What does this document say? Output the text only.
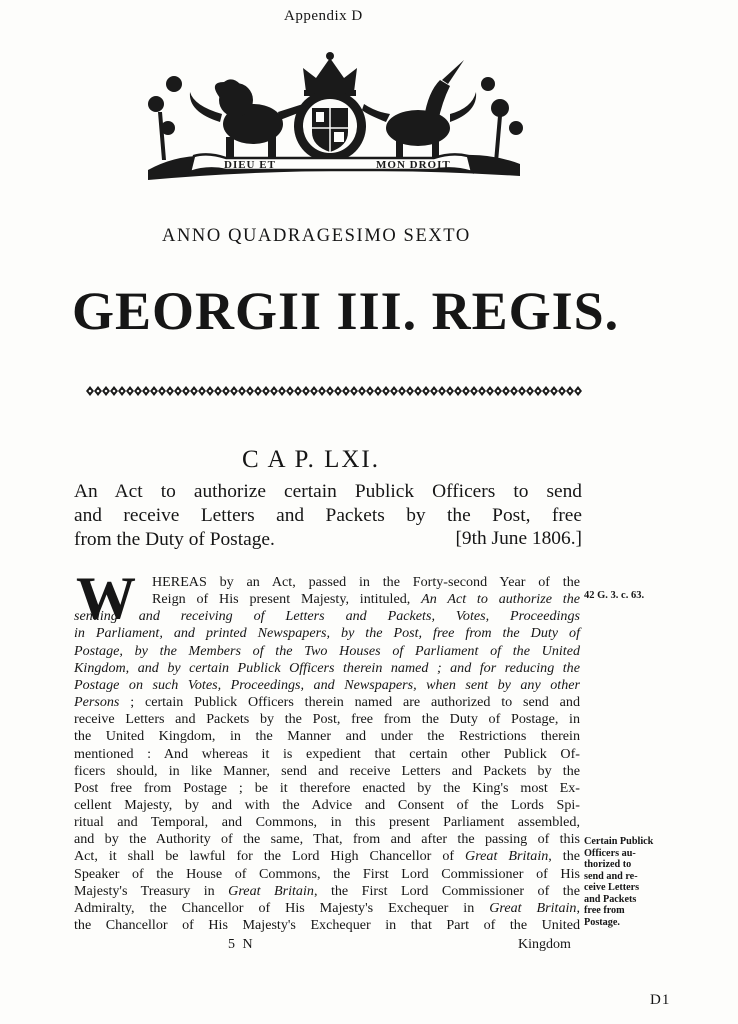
Appendix D
DIEU ET	MON DROIT
ANNO QUADRAGESIMO SEXTO
GEORGII III. REGIS.
C A P. LXI.
An Act to authorize certain Publick Officers to send
and receive Letters and Packets by the Post, free
from the Duty of Postage.	[9th June 1806.]
W HEREAS by an Act, passed in the Forty-second Year of the
Reign of His present Majesty, intituled, An Act to authorize the
sending and receiving of Letters and Packets, Votes, Proceedings
in Parliament, and printed Newspapers, by the Post, free from the Duty of
Postage, by the Members of the Two Houses of Parliament of the United
Kingdom, and by certain Publick Officers therein named ; and for reducing the
Postage on such Votes, Proceedings, and Newspapers, when sent by any other
Persons ; certain Publick Officers therein named are authorized to send and
receive Letters and Packets by the Post, free from the Duty of Postage, in
the United Kingdom, in the Manner and under the Restrictions therein
mentioned : And whereas it is expedient that certain other Publick Of-
ficers should, in like Manner, send and receive Letters and Packets by the
Post free from Postage ; be it therefore enacted by the King's most Ex-
cellent Majesty, by and with the Advice and Consent of the Lords Spi-
ritual and Temporal, and Commons, in this present Parliament assembled,
and by the Authority of the same, That, from and after the passing of this
Act, it shall be lawful for the Lord High Chancellor of Great Britain, the
Speaker of the House of Commons, the First Lord Commissioner of His
Majesty's Treasury in Great Britain, the First Lord Commissioner of the
Admiralty, the Chancellor of His Majesty's Exchequer in Great Britain,
the Chancellor of His Majesty's Exchequer in that Part of the United
42 G. 3. c. 63.
Certain Publick
Officers au-
thorized to
send and re-
ceive Letters
and Packets
free from
Postage.
5 N	Kingdom
D1
